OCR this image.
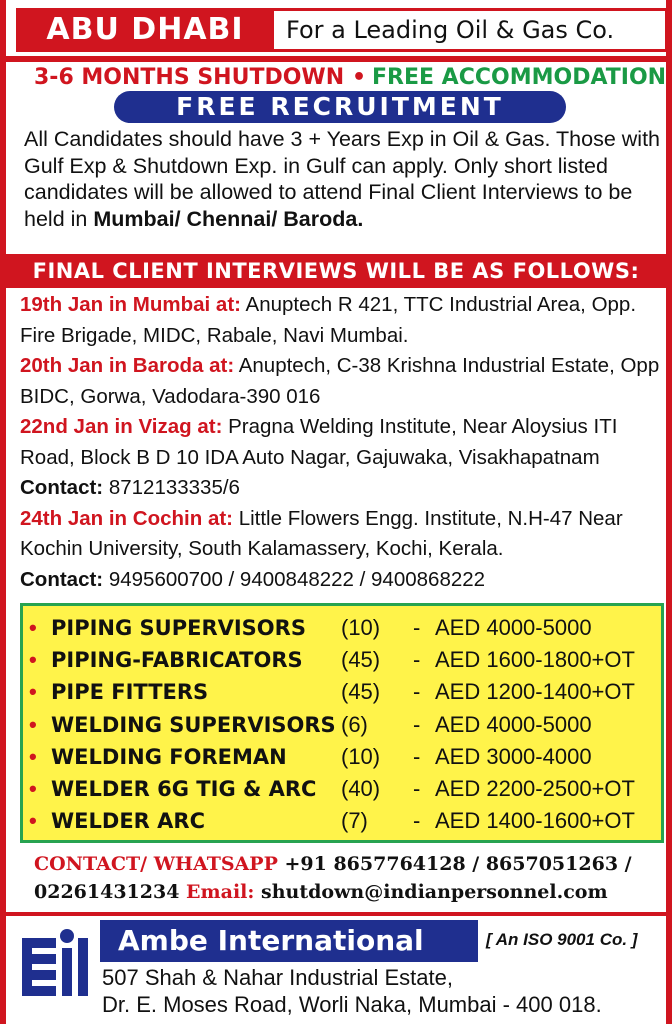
ABU DHABI	For a Leading Oil & Gas Co.
3-6 MONTHS SHUTDOWN • FREE ACCOMMODATION
FREE RECRUITMENT
All Candidates should have 3 + Years Exp in Oil & Gas. Those with Gulf Exp & Shutdown Exp. in Gulf can apply. Only short listed candidates will be allowed to attend Final Client Interviews to be held in Mumbai/ Chennai/ Baroda.
FINAL CLIENT INTERVIEWS WILL BE AS FOLLOWS:
19th Jan in Mumbai at: Anuptech R 421, TTC Industrial Area, Opp. Fire Brigade, MIDC, Rabale, Navi Mumbai.
20th Jan in Baroda at: Anuptech, C-38 Krishna Industrial Estate, Opp BIDC, Gorwa, Vadodara-390 016
22nd Jan in Vizag at: Pragna Welding Institute, Near Aloysius ITI Road, Block B D 10 IDA Auto Nagar, Gajuwaka, Visakhapatnam
Contact: 8712133335/6
24th Jan in Cochin at: Little Flowers Engg. Institute, N.H-47 Near Kochin University, South Kalamassery, Kochi, Kerala.
Contact: 9495600700 / 9400848222 / 9400868222
• PIPING SUPERVISORS (10) - AED 4000-5000
• PIPING-FABRICATORS (45) - AED 1600-1800+OT
• PIPE FITTERS	(45) - AED 1200-1400+OT
• WELDING SUPERVISORS (6) - AED 4000-5000
• WELDING FOREMAN (10) - AED 3000-4000
• WELDER 6G TIG & ARC (40) - AED 2200-2500+OT
• WELDER ARC	(7) - AED 1400-1600+OT
CONTACT/ WHATSAPP +91 8657764128 / 8657051263 /
02261431234 Email: shutdown@indianpersonnel.com
Ambe International	[ An ISO 9001 Co. ]
507 Shah & Nahar Industrial Estate,
Dr. E. Moses Road, Worli Naka, Mumbai - 400 018.
